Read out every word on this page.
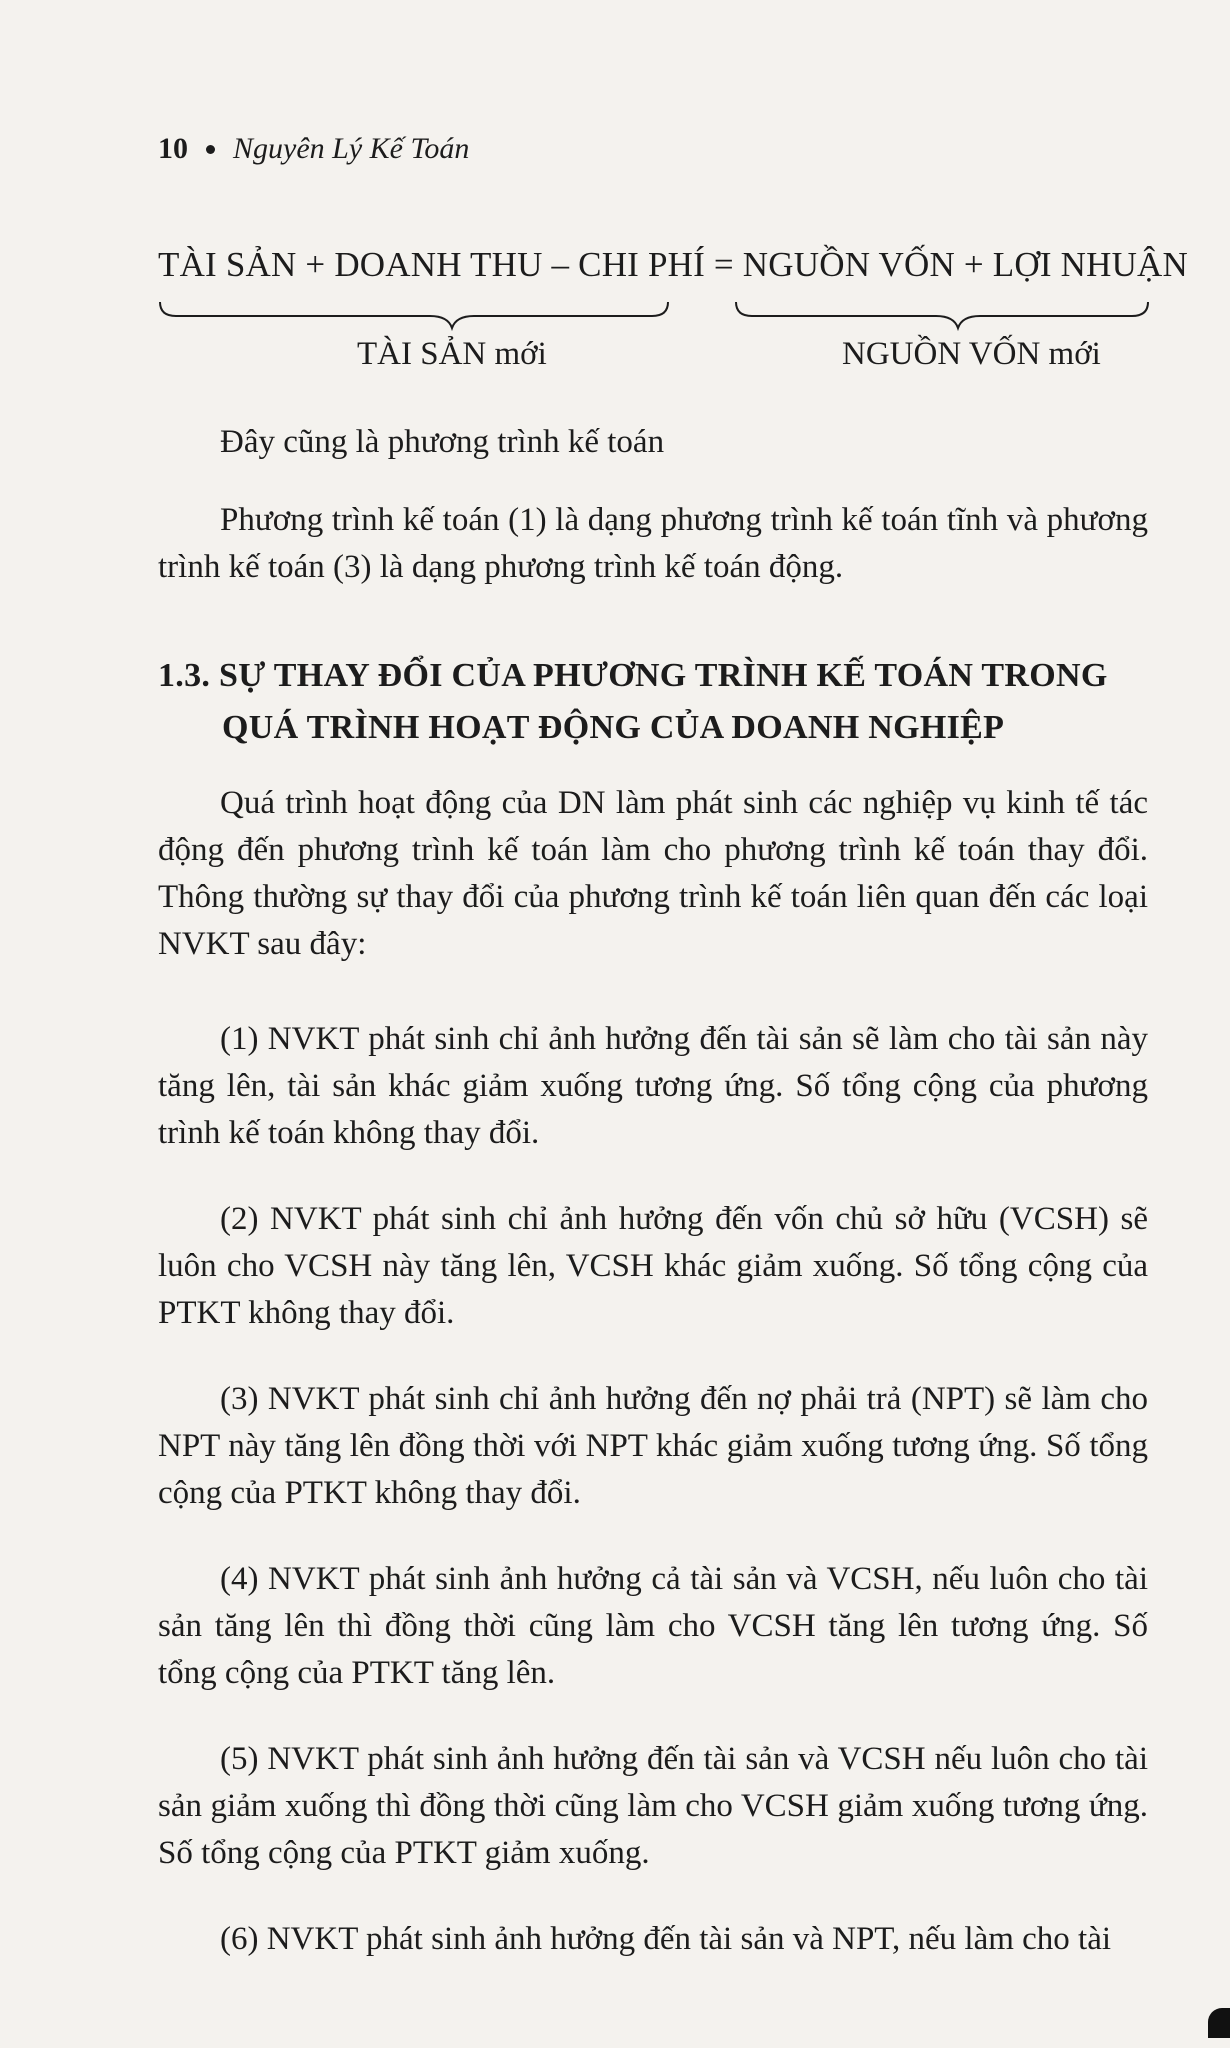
10 Nguyên Lý Kế Toán
TÀI SẢN + DOANH THU – CHI PHÍ = NGUỒN VỐN + LỢI NHUẬN
TÀI SẢN mới	NGUỒN VỐN mới
Đây cũng là phương trình kế toán
Phương trình kế toán (1) là dạng phương trình kế toán tĩnh và phương trình kế toán (3) là dạng phương trình kế toán động.
1.3. SỰ THAY ĐỔI CỦA PHƯƠNG TRÌNH KẾ TOÁN TRONG
QUÁ TRÌNH HOẠT ĐỘNG CỦA DOANH NGHIỆP
Quá trình hoạt động của DN làm phát sinh các nghiệp vụ kinh tế tác động đến phương trình kế toán làm cho phương trình kế toán thay đổi. Thông thường sự thay đổi của phương trình kế toán liên quan đến các loại NVKT sau đây:
(1) NVKT phát sinh chỉ ảnh hưởng đến tài sản sẽ làm cho tài sản này tăng lên, tài sản khác giảm xuống tương ứng. Số tổng cộng của phương trình kế toán không thay đổi.
(2) NVKT phát sinh chỉ ảnh hưởng đến vốn chủ sở hữu (VCSH) sẽ luôn cho VCSH này tăng lên, VCSH khác giảm xuống. Số tổng cộng của PTKT không thay đổi.
(3) NVKT phát sinh chỉ ảnh hưởng đến nợ phải trả (NPT) sẽ làm cho NPT này tăng lên đồng thời với NPT khác giảm xuống tương ứng. Số tổng cộng của PTKT không thay đổi.
(4) NVKT phát sinh ảnh hưởng cả tài sản và VCSH, nếu luôn cho tài sản tăng lên thì đồng thời cũng làm cho VCSH tăng lên tương ứng. Số tổng cộng của PTKT tăng lên.
(5) NVKT phát sinh ảnh hưởng đến tài sản và VCSH nếu luôn cho tài sản giảm xuống thì đồng thời cũng làm cho VCSH giảm xuống tương ứng. Số tổng cộng của PTKT giảm xuống.
(6) NVKT phát sinh ảnh hưởng đến tài sản và NPT, nếu làm cho tài
